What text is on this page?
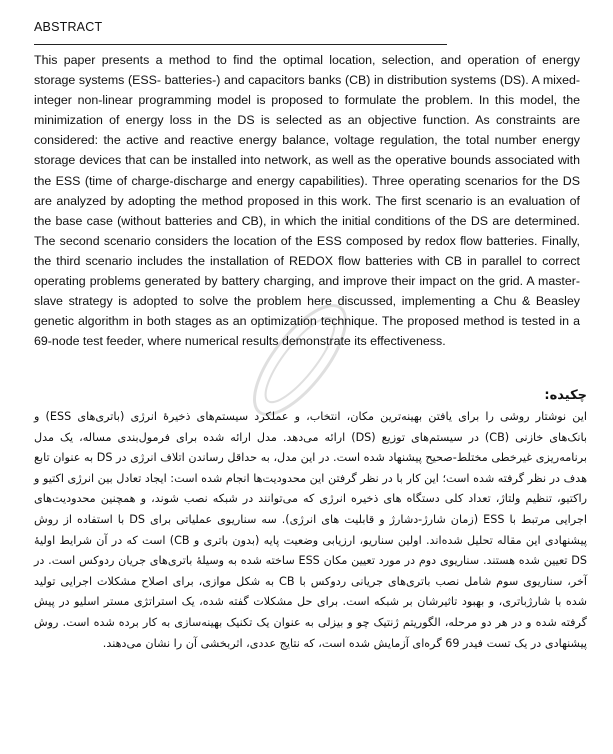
ABSTRACT

This paper presents a method to find the optimal location, selection, and operation of energy storage systems (ESS- batteries-) and capacitors banks (CB) in distribution systems (DS). A mixed-integer non-linear programming model is proposed to formulate the problem. In this model, the minimization of energy loss in the DS is selected as an objective function. As constraints are considered: the active and reactive energy balance, voltage regulation, the total number energy storage devices that can be installed into network, as well as the operative bounds associated with the ESS (time of charge-discharge and energy capabilities). Three operating scenarios for the DS are analyzed by adopting the method proposed in this work. The first scenario is an evaluation of the base case (without batteries and CB), in which the initial conditions of the DS are determined. The second scenario considers the location of the ESS composed by redox flow batteries. Finally, the third scenario includes the installation of REDOX flow batteries with CB in parallel to correct operating problems generated by battery charging, and improve their impact on the grid. A master-slave strategy is adopted to solve the problem here discussed, implementing a Chu & Beasley genetic algorithm in both stages as an optimization technique. The proposed method is tested in a 69-node test feeder, where numerical results demonstrate its effectiveness.

چکیده:

این نوشتار روشی را برای یافتن بهینه‌ترین مکان، انتخاب، و عملکرد سیستم‌های ذخیرهٔ انرژی (باتری‌های ESS) و بانک‌های خازنی (CB) در سیستم‌های توزیع (DS) ارائه می‌دهد. مدل ارائه شده برای فرمول‌بندی مساله، یک مدل برنامه‌ریزی غیرخطی مختلط-صحیح پیشنهاد شده است. در این مدل، به حداقل رساندن اتلاف انرژی در DS به عنوان تابع هدف در نظر گرفته شده است؛ این کار با در نظر گرفتن این محدودیت‌ها انجام شده است: ایجاد تعادل بین انرژی اکتیو و راکتیو، تنظیم ولتاژ، تعداد کلی دستگاه های ذخیره انرژی که می‌توانند در شبکه نصب شوند، و همچنین محدودیت‌های اجرایی مرتبط با ESS (زمان شارژ-دشارژ و قابلیت های انرژی). سه سناریوی عملیاتی برای DS با استفاده از روش پیشنهادی این مقاله تحلیل شده‌اند. اولین سناریو، ارزیابی وضعیت پایه (بدون باتری و CB) است که در آن شرایط اولیهٔ DS تعیین شده هستند. سناریوی دوم در مورد تعیین مکان ESS ساخته شده به وسیلهٔ باتری‌های جریان ردوکس است. در آخر، سناریوی سوم شامل نصب باتری‌های جریانی ردوکس با CB به شکل موازی، برای اصلاح مشکلات اجرایی تولید شده با شارژباتری، و بهبود تاثیرشان بر شبکه است. برای حل مشکلات گفته شده، یک استراتژی مستر اسلیو در پیش گرفته شده و در هر دو مرحله، الگوریتم ژنتیک چو و بیزلی به عنوان یک تکنیک بهینه‌سازی به کار برده شده است. روش پیشنهادی در یک تست فیدر 69 گره‌ای آزمایش شده است، که نتایج عددی، اثربخشی آن را نشان می‌دهند.
